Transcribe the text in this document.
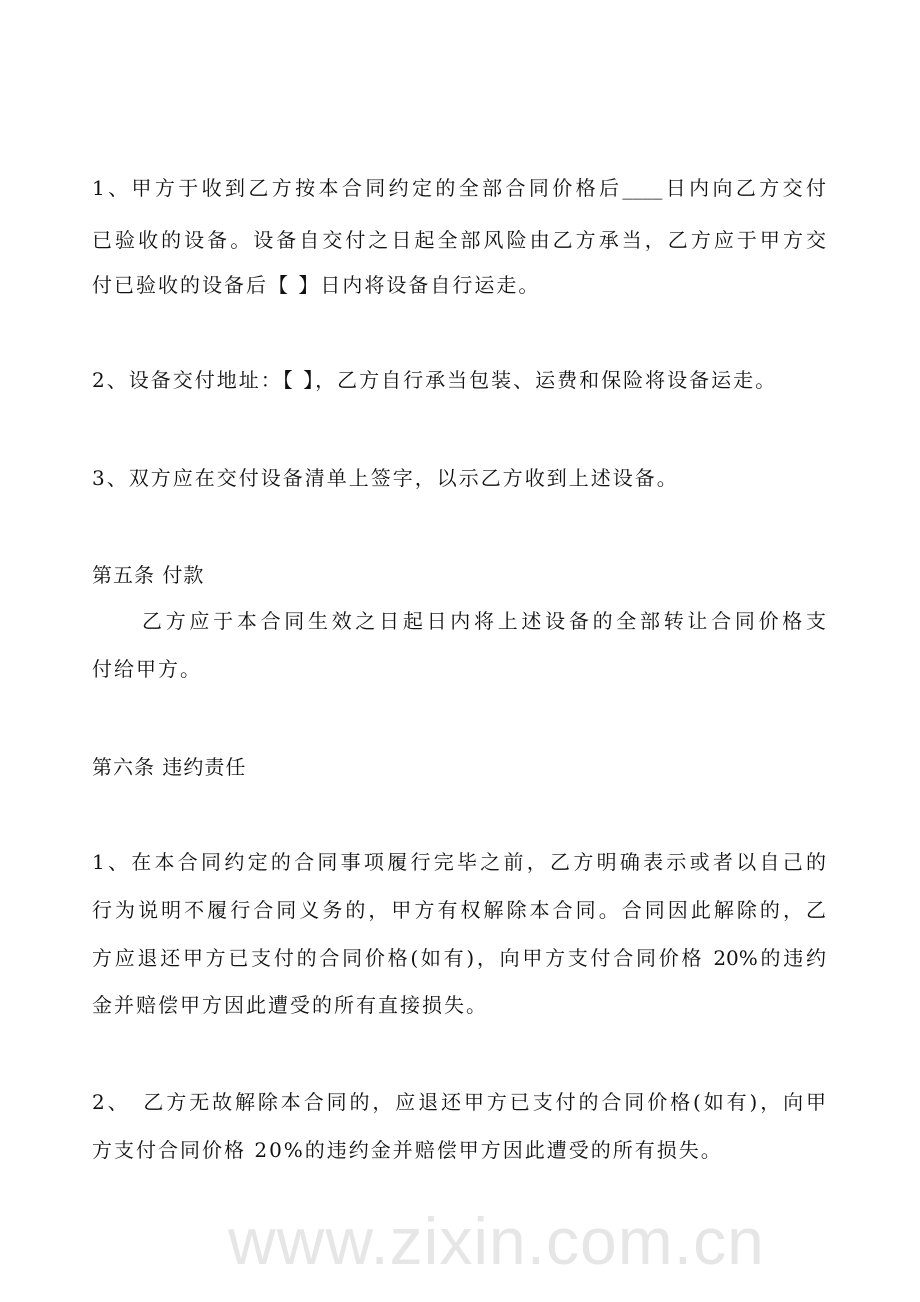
www.zixin.com.cn
1、甲方于收到乙方按本合同约定的全部合同价格后____日内向乙方交付
已验收的设备。设备自交付之日起全部风险由乙方承当，乙方应于甲方交
付已验收的设备后【 】日内将设备自行运走。
2、设备交付地址：【 】，乙方自行承当包装、运费和保险将设备运走。
3、双方应在交付设备清单上签字，以示乙方收到上述设备。
第五条 付款
乙方应于本合同生效之日起日内将上述设备的全部转让合同价格支
付给甲方。
第六条 违约责任
1、在本合同约定的合同事项履行完毕之前，乙方明确表示或者以自己的
行为说明不履行合同义务的，甲方有权解除本合同。合同因此解除的，乙
方应退还甲方已支付的合同价格(如有)，向甲方支付合同价格 20%的违约
金并赔偿甲方因此遭受的所有直接损失。
2、　乙方无故解除本合同的，应退还甲方已支付的合同价格(如有)，向甲
方支付合同价格 20%的违约金并赔偿甲方因此遭受的所有损失。
